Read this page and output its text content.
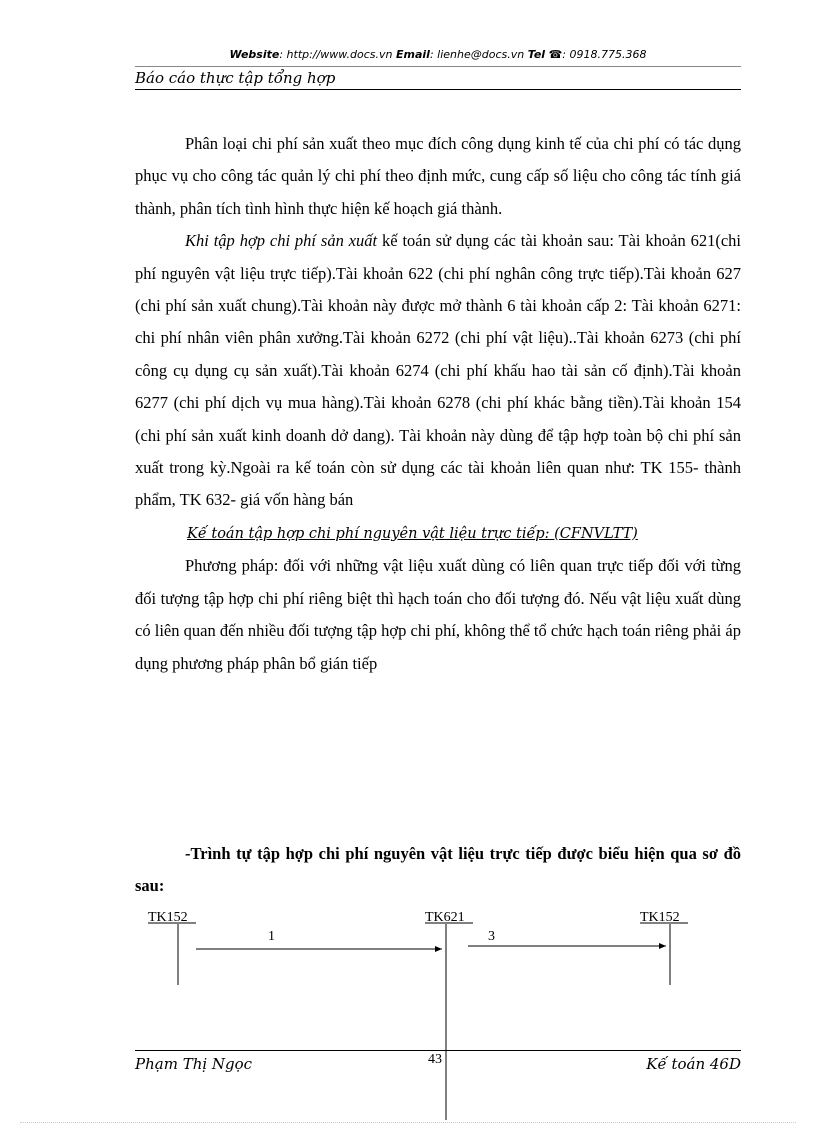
Website: http://www.docs.vn Email: lienhe@docs.vn Tel ☎: 0918.775.368
Báo cáo thực tập tổng hợp

Phân loại chi phí sản xuất theo mục đích công dụng kinh tế của chi phí có tác dụng phục vụ cho công tác quản lý chi phí theo định mức, cung cấp số liệu cho công tác tính giá thành, phân tích tình hình thực hiện kế hoạch giá thành.

Khi tập hợp chi phí sản xuất kế toán sử dụng các tài khoản sau: Tài khoản 621(chi phí nguyên vật liệu trực tiếp).Tài khoản 622 (chi phí nghân công trực tiếp).Tài khoản 627 (chi phí sản xuất chung).Tài khoản này được mở thành 6 tài khoản cấp 2: Tài khoản 6271: chi phí nhân viên phân xưởng.Tài khoản 6272 (chi phí vật liệu)..Tài khoản 6273 (chi phí công cụ dụng cụ sản xuất).Tài khoản 6274 (chi phí khấu hao tài sản cố định).Tài khoản 6277 (chi phí dịch vụ mua hàng).Tài khoản 6278 (chi phí khác bằng tiền).Tài khoản 154 (chi phí sản xuất kinh doanh dở dang). Tài khoản này dùng để tập hợp toàn bộ chi phí sản xuất trong kỳ.Ngoài ra kế toán còn sử dụng các tài khoản liên quan như: TK 155- thành phẩm, TK 632- giá vốn hàng bán

Kế toán tập hợp chi phí nguyên vật liệu trực tiếp: (CFNVLTT)

Phương pháp: đối với những vật liệu xuất dùng có liên quan trực tiếp đối với từng đối tượng tập hợp chi phí riêng biệt thì hạch toán cho đối tượng đó. Nếu vật liệu xuất dùng có liên quan đến nhiều đối tượng tập hợp chi phí, không thể tổ chức hạch toán riêng phải áp dụng phương pháp phân bổ gián tiếp

-Trình tự tập hợp chi phí nguyên vật liệu trực tiếp được biểu hiện qua sơ đồ sau:

TK152	TK621	TK152
1	3
Phạm Thị Ngọc	43	Kế toán 46D
